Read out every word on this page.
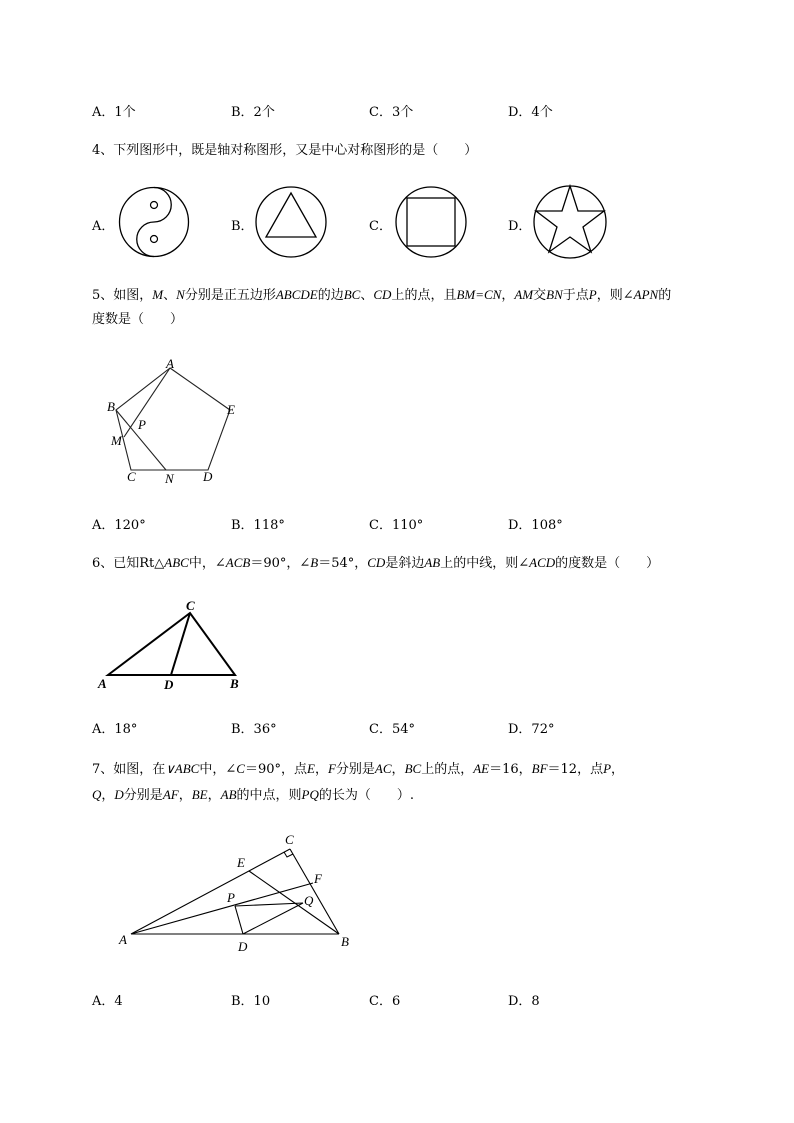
A．1个	B．2个	C．3个	D．4个
4、下列图形中，既是轴对称图形，又是中心对称图形的是（　　）
A．	B．	C．	D．
5、如图，M、N分别是正五边形ABCDE的边BC、CD上的点，且BM=CN，AM交BN于点P，则∠APN的
度数是（　　）
A
B	E
M
P
C N D
A．120°	B．118°	C．110°	D．108°
6、已知Rt△ABC中，∠ACB＝90°，∠B＝54°，CD是斜边AB上的中线，则∠ACD的度数是（　　）
C
A	D	B
A．18°	B．36°	C．54°	D．72°
7、如图，在∨ABC中，∠C＝90°，点E，F分别是AC，BC上的点，AE＝16，BF＝12，点P，
Q，D分别是AF，BE，AB的中点，则PQ的长为（　　）.
C
E
F
P	Q
A	D	B
A．4	B．10	C．6	D．8
